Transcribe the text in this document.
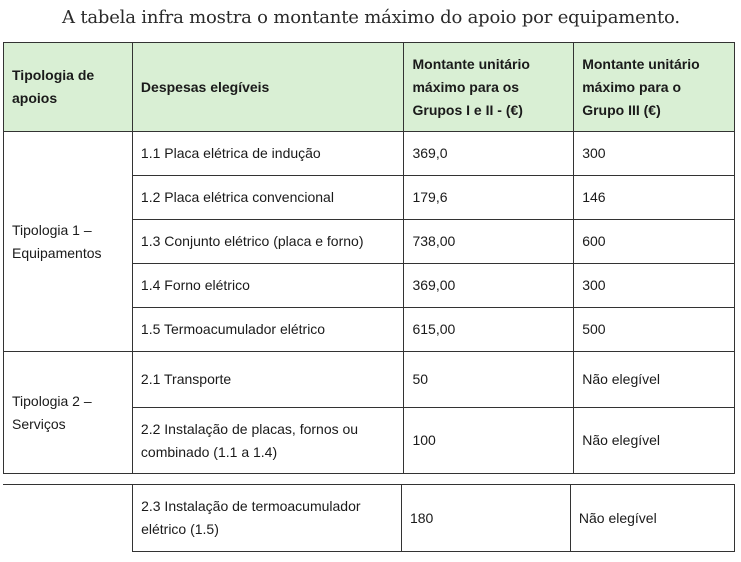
A tabela infra mostra o montante máximo do apoio por equipamento.
Tipologia de apoios	Despesas elegíveis	Montante unitário máximo para os Grupos I e II - (€)	Montante unitário máximo para o Grupo III (€)
Tipologia 1 – Equipamentos	1.1 Placa elétrica de indução	369,0	300
	1.2 Placa elétrica convencional	179,6	146
	1.3 Conjunto elétrico (placa e forno)	738,00	600
	1.4 Forno elétrico	369,00	300
	1.5 Termoacumulador elétrico	615,00	500
Tipologia 2 – Serviços	2.1 Transporte	50	Não elegível
	2.2 Instalação de placas, fornos ou combinado (1.1 a 1.4)	100	Não elegível
	2.3 Instalação de termoacumulador elétrico (1.5)	180	Não elegível
